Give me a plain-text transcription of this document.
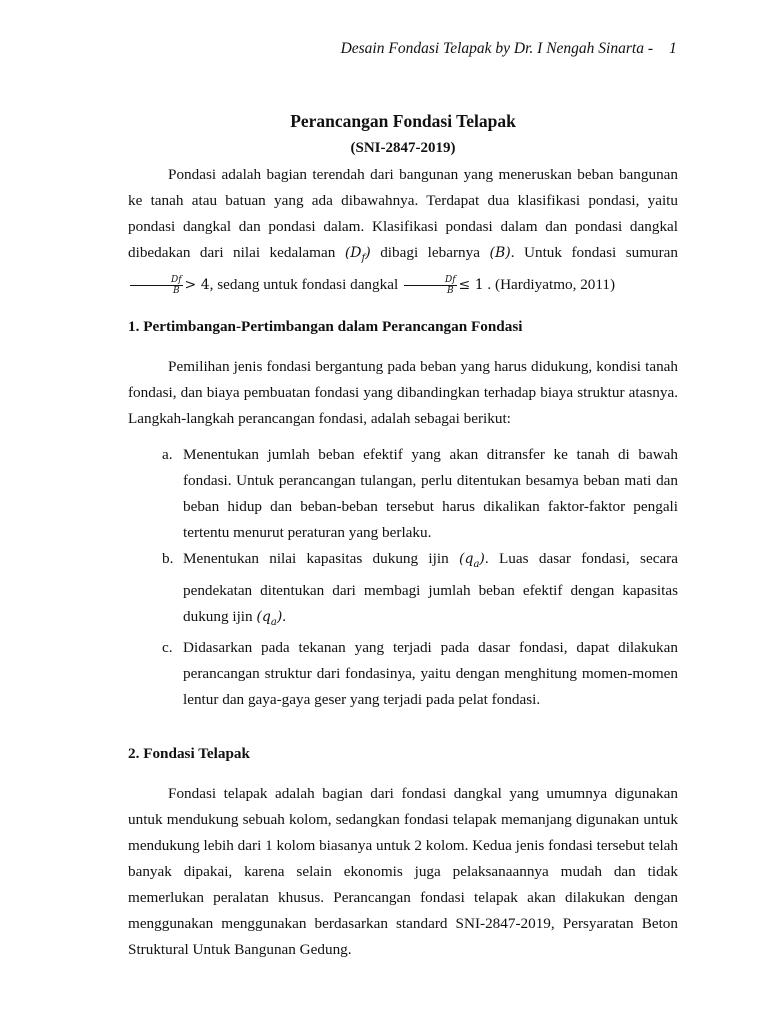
Desain Fondasi Telapak by Dr. I Nengah Sinarta - 1
Perancangan Fondasi Telapak
(SNI-2847-2019)

Pondasi adalah bagian terendah dari bangunan yang meneruskan beban bangunan ke tanah atau batuan yang ada dibawahnya. Terdapat dua klasifikasi pondasi, yaitu pondasi dangkal dan pondasi dalam. Klasifikasi pondasi dalam dan pondasi dangkal dibedakan dari nilai kedalaman $(D_f)$ dibagi lebarnya (B). Untuk fondasi sumuran
$\frac{Df}{B} > 4$, sedang untuk fondasi dangkal $\frac{Df}{B} \le 1$ . (Hardiyatmo, 2011)

1. Pertimbangan-Pertimbangan dalam Perancangan Fondasi

Pemilihan jenis fondasi bergantung pada beban yang harus didukung, kondisi tanah fondasi, dan biaya pembuatan fondasi yang dibandingkan terhadap biaya struktur atasnya. Langkah-langkah perancangan fondasi, adalah sebagai berikut:

a. Menentukan jumlah beban efektif yang akan ditransfer ke tanah di bawah fondasi. Untuk perancangan tulangan, perlu ditentukan besamya beban mati dan beban hidup dan beban-beban tersebut harus dikalikan faktor-faktor pengali tertentu menurut peraturan yang berlaku.
b. Menentukan nilai kapasitas dukung ijin $(q_a)$. Luas dasar fondasi, secara pendekatan ditentukan dari membagi jumlah beban efektif dengan kapasitas dukung ijin $(q_a)$.
c. Didasarkan pada tekanan yang terjadi pada dasar fondasi, dapat dilakukan perancangan struktur dari fondasinya, yaitu dengan menghitung momen-momen lentur dan gaya-gaya geser yang terjadi pada pelat fondasi.
2. Fondasi Telapak

Fondasi telapak adalah bagian dari fondasi dangkal yang umumnya digunakan untuk mendukung sebuah kolom, sedangkan fondasi telapak memanjang digunakan untuk mendukung lebih dari 1 kolom biasanya untuk 2 kolom. Kedua jenis fondasi tersebut telah banyak dipakai, karena selain ekonomis juga pelaksanaannya mudah dan tidak memerlukan peralatan khusus. Perancangan fondasi telapak akan dilakukan dengan menggunakan menggunakan berdasarkan standard SNI-2847-2019, Persyaratan Beton Struktural Untuk Bangunan Gedung.
